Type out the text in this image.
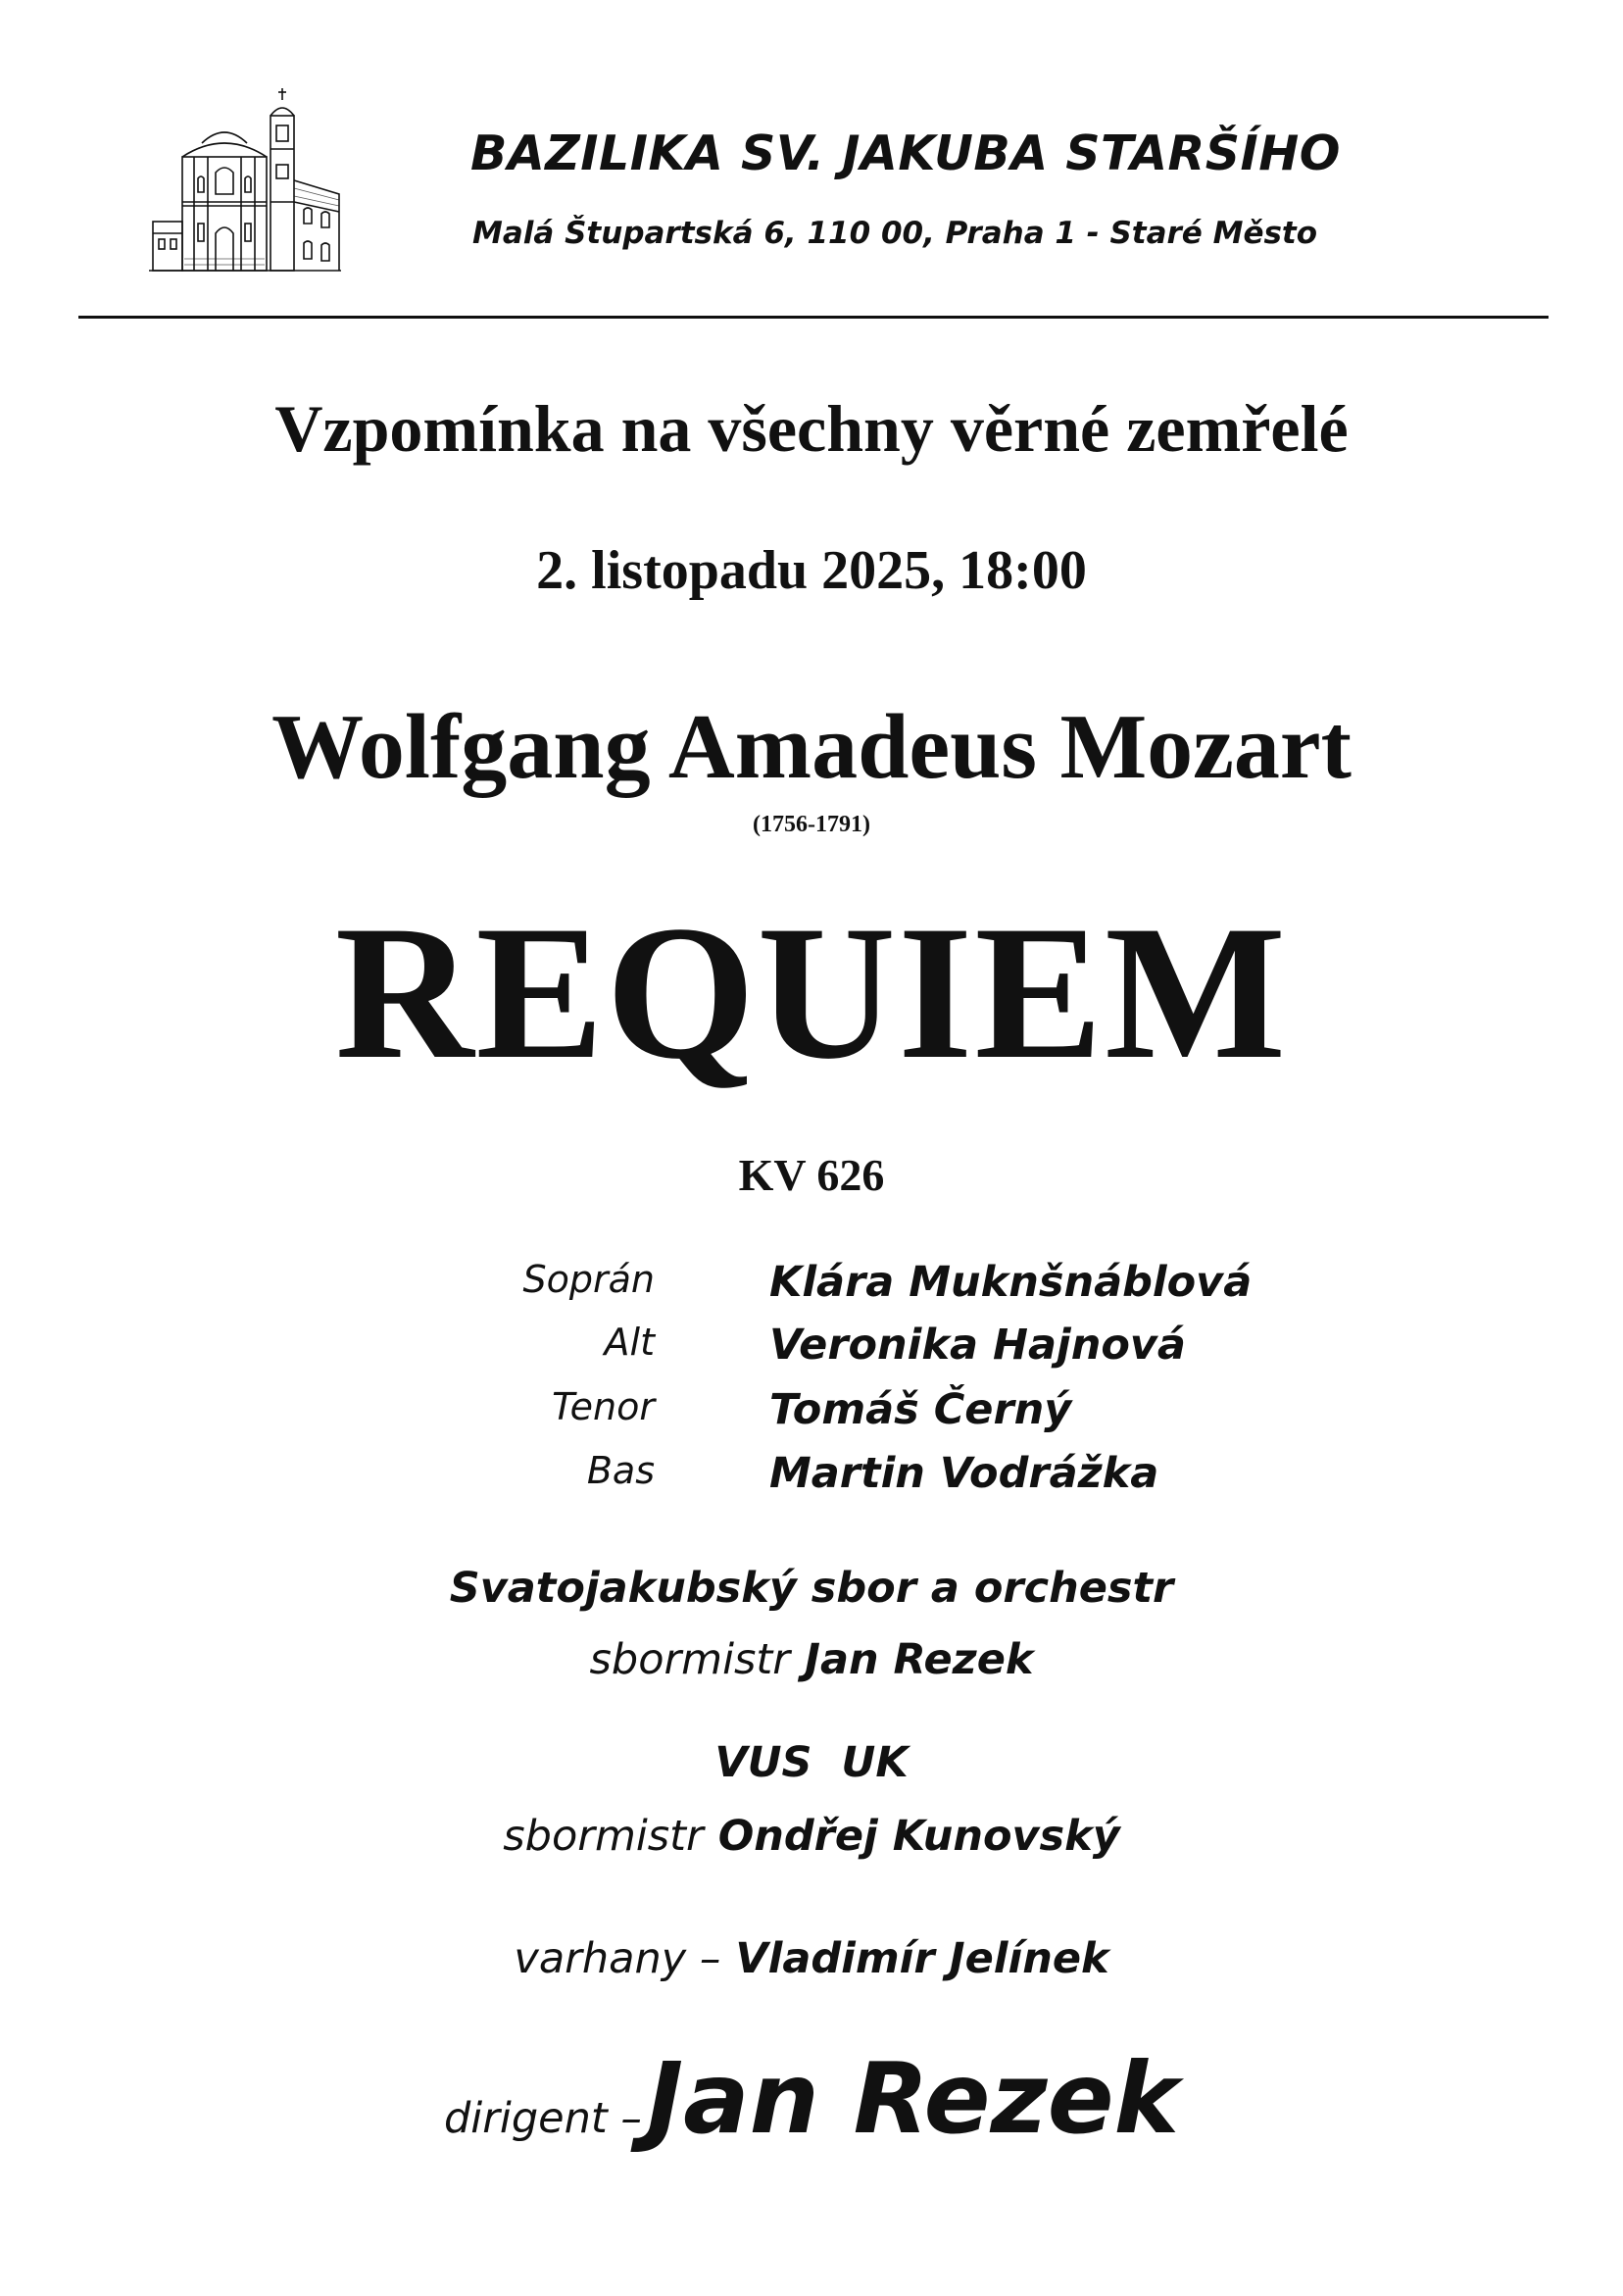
BAZILIKA SV. JAKUBA STARŠÍHO
Malá Štupartská 6, 110 00, Praha 1 - Staré Město
Vzpomínka na všechny věrné zemřelé
2. listopadu 2025, 18:00
Wolfgang Amadeus Mozart
(1756-1791)
REQUIEM
KV 626
Soprán	Klára Muknšnáblová
Alt	Veronika Hajnová
Tenor	Tomáš Černý
Bas	Martin Vodrážka
Svatojakubský sbor a orchestr
sbormistr Jan Rezek
VUS  UK
sbormistr Ondřej Kunovský
varhany – Vladimír Jelínek
dirigent – Jan Rezek
